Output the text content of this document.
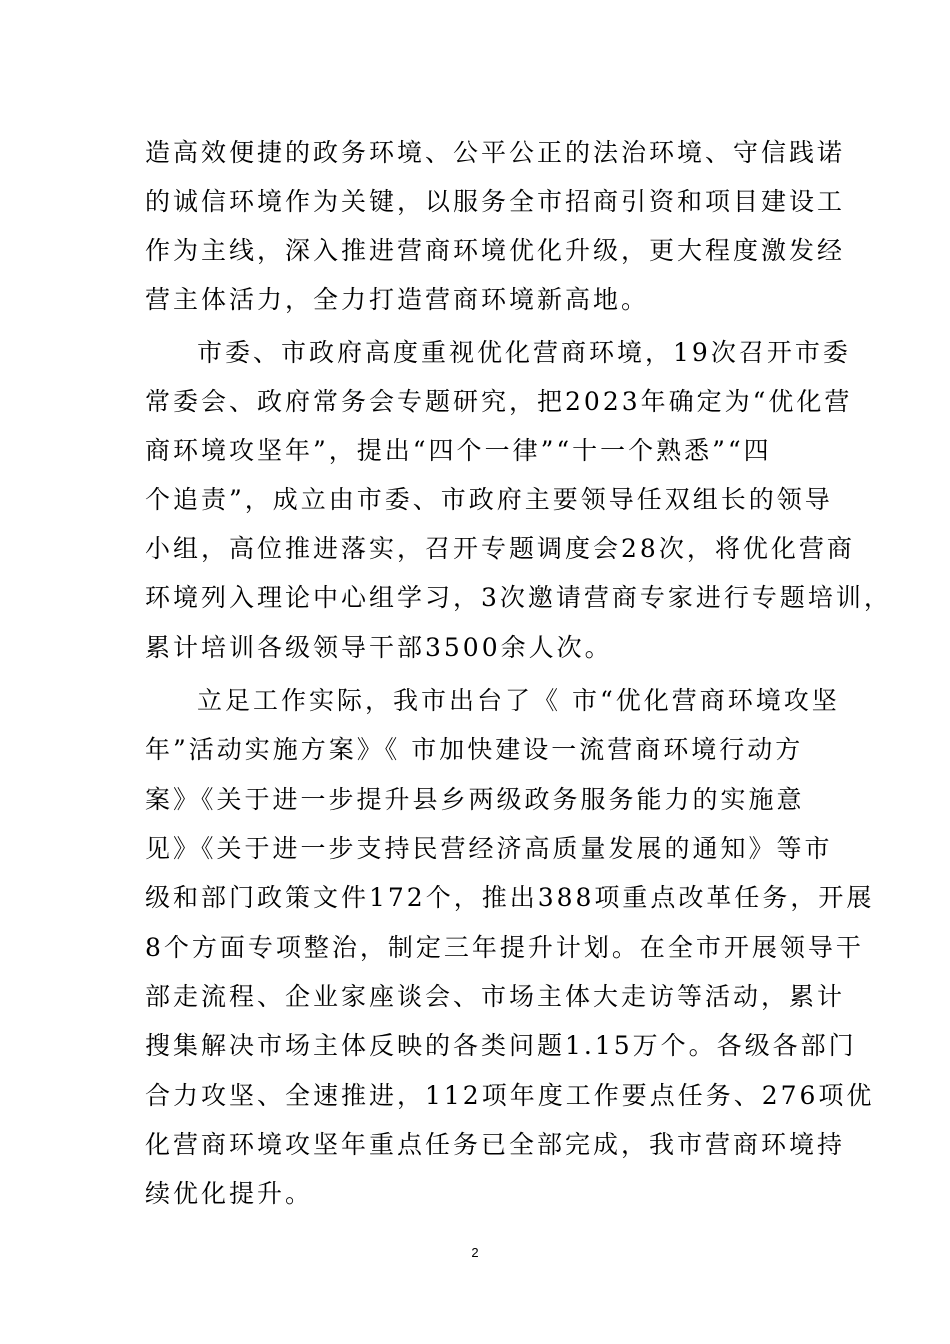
造高效便捷的政务环境、公平公正的法治环境、守信践诺
的诚信环境作为关键，以服务全市招商引资和项目建设工
作为主线，深入推进营商环境优化升级，更大程度激发经
营主体活力，全力打造营商环境新高地。
市委、市政府高度重视优化营商环境，19次召开市委
常委会、政府常务会专题研究，把2023年确定为“优化营
商环境攻坚年”，提出“四个一律”“十一个熟悉”“四
个追责”，成立由市委、市政府主要领导任双组长的领导
小组，高位推进落实，召开专题调度会28次，将优化营商
环境列入理论中心组学习，3次邀请营商专家进行专题培训，
累计培训各级领导干部3500余人次。
立足工作实际，我市出台了《 市“优化营商环境攻坚
年”活动实施方案》《 市加快建设一流营商环境行动方
案》《关于进一步提升县乡两级政务服务能力的实施意
见》《关于进一步支持民营经济高质量发展的通知》等市
级和部门政策文件172个，推出388项重点改革任务，开展
8个方面专项整治，制定三年提升计划。在全市开展领导干
部走流程、企业家座谈会、市场主体大走访等活动，累计
搜集解决市场主体反映的各类问题1.15万个。各级各部门
合力攻坚、全速推进，112项年度工作要点任务、276项优
化营商环境攻坚年重点任务已全部完成，我市营商环境持
续优化提升。
2
